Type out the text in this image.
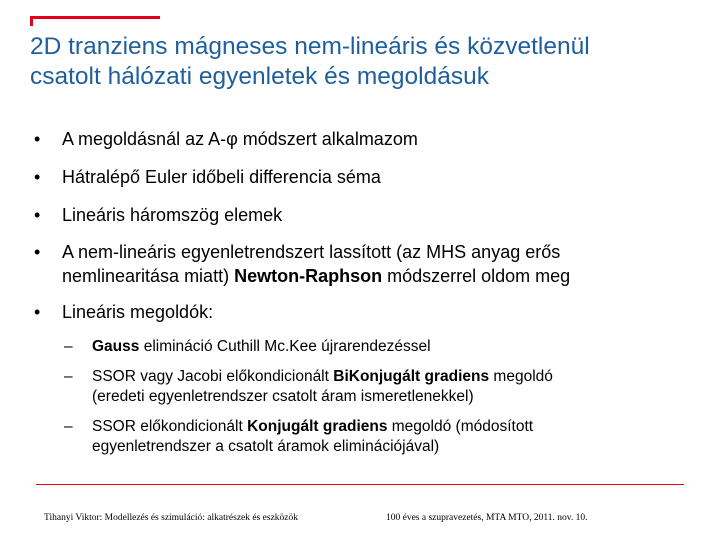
2D tranziens mágneses nem-lineáris és közvetlenül
csatolt hálózati egyenletek és megoldásuk
• A megoldásnál az A-φ módszert alkalmazom
• Hátralépő Euler időbeli differencia séma
• Lineáris háromszög elemek
• A nem-lineáris egyenletrendszert lassított (az MHS anyag erős
nemlinearitása miatt) Newton-Raphson módszerrel oldom meg
• Lineáris megoldók:
– Gauss elimináció Cuthill Mc.Kee újrarendezéssel
– SSOR vagy Jacobi előkondicionált BiKonjugált gradiens megoldó
(eredeti egyenletrendszer csatolt áram ismeretlenekkel)
– SSOR előkondicionált Konjugált gradiens megoldó (módosított
egyenletrendszer a csatolt áramok eliminációjával)
Tihanyi Viktor: Modellezés és szimuláció: alkatrészek és eszközök	100 éves a szupravezetés, MTA MTO, 2011. nov. 10.
